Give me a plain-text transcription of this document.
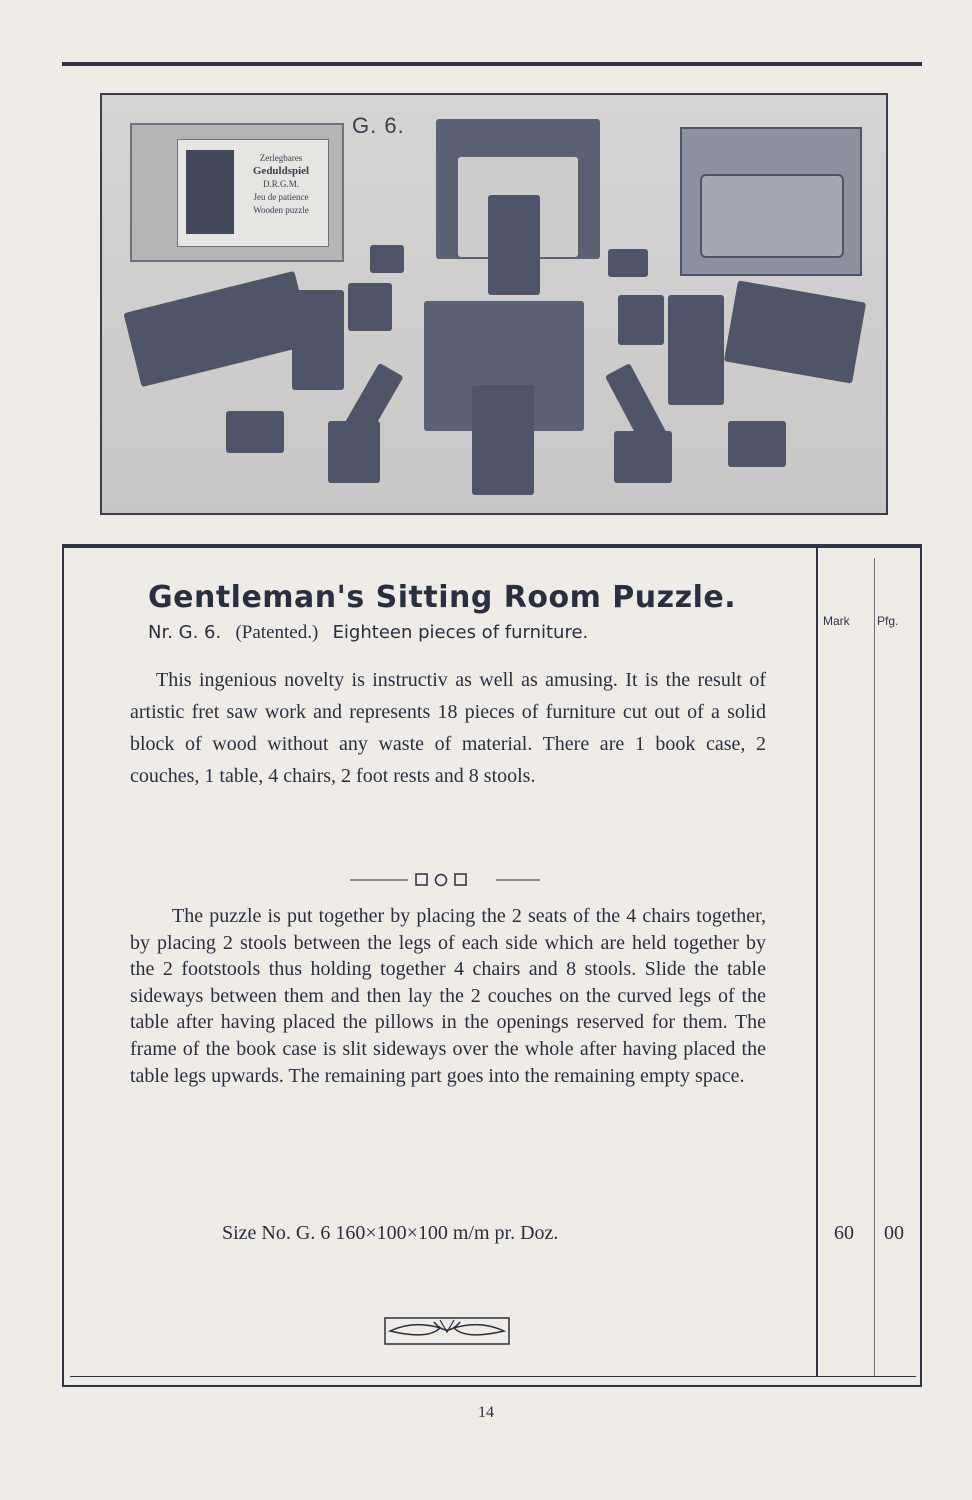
G. 6.
Zerlegbares
Geduldspiel
D.R.G.M.
Jeu de patience
Wooden puzzle
Mark Pfg.
Gentleman's Sitting Room Puzzle.
Nr. G. 6. (Patented.) Eighteen pieces of furniture.
This ingenious novelty is instructiv as well as amusing. It is the result of artistic fret saw work and represents 18 pieces of furniture cut out of a solid block of wood without any waste of material. There are 1 book case, 2 couches, 1 table, 4 chairs, 2 foot rests and 8 stools.
The puzzle is put together by placing the 2 seats of the 4 chairs together, by placing 2 stools between the legs of each side which are held together by the 2 footstools thus holding together 4 chairs and 8 stools. Slide the table sideways between them and then lay the 2 couches on the curved legs of the table after having placed the pillows in the openings reserved for them. The frame of the book case is slit sideways over the whole after having placed the table legs upwards. The remaining part goes into the remaining empty space.
Size No. G. 6 160×100×100 m/m pr. Doz.	60 00
14
